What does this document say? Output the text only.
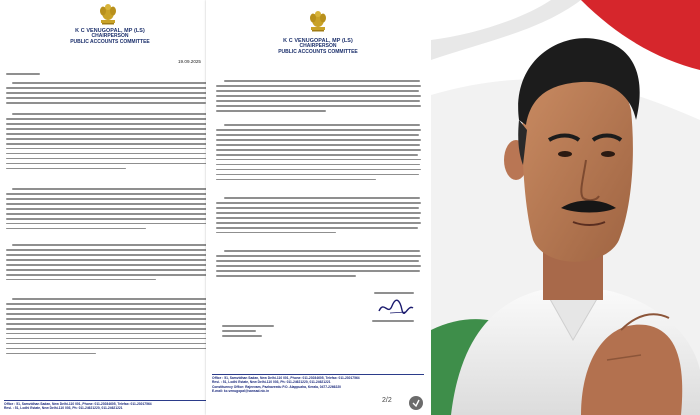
K C VENUGOPAL, MP (LS)
CHAIRPERSON
PUBLIC ACCOUNTS COMMITTEE
19.09.2025
Office : 51, Samvidhan Sadan, New Delhi-110 001, Phone: 011-23034605, Telefax: 011-23017564
Resi. : 51, Lodhi Estate, New Delhi-110 003, Ph: 011-24621220, 011-24621221
K C VENUGOPAL, MP (LS)
CHAIRPERSON
PUBLIC ACCOUNTS COMMITTEE
Office : 51, Samvidhan Sadan, New Delhi-110 001, Phone: 011-23034605, Telefax: 011-23017564
Resi. : 51, Lodhi Estate, New Delhi-110 003, Ph: 011-24621220, 011-24621221
Constituency Office: Rajeevam, Pazhaveedu P.O. Alappuzha, Kerala, 0477-2266220
E-mail: kc.venugopal@sansad.nic.in
2/2
